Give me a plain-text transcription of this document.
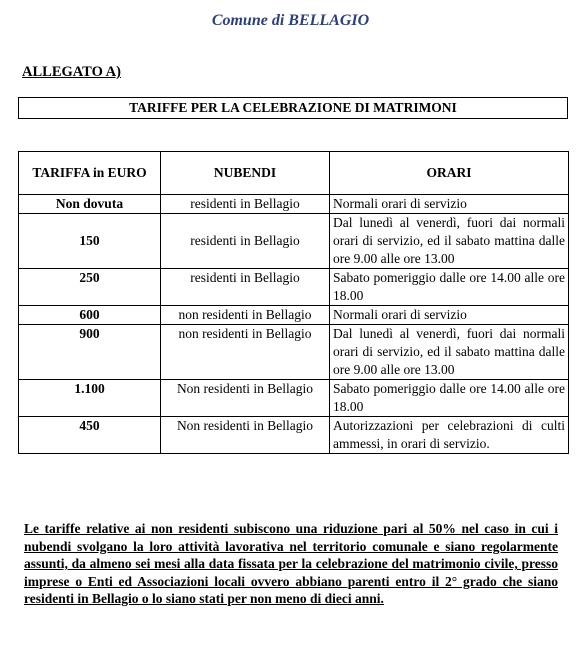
Comune di BELLAGIO
ALLEGATO A)
TARIFFE PER LA CELEBRAZIONE DI MATRIMONI
TARIFFA in EURO	NUBENDI	ORARI
Non dovuta	residenti in Bellagio	Normali orari di servizio
150	residenti in Bellagio	Dal lunedì al venerdì, fuori dai normali orari di servizio, ed il sabato mattina dalle ore 9.00 alle ore 13.00
250	residenti in Bellagio	Sabato pomeriggio dalle ore 14.00 alle ore 18.00
600	non residenti in Bellagio	Normali orari di servizio
900	non residenti in Bellagio	Dal lunedì al venerdì, fuori dai normali orari di servizio, ed il sabato mattina dalle ore 9.00 alle ore 13.00
1.100	Non residenti in Bellagio	Sabato pomeriggio dalle ore 14.00 alle ore 18.00
450	Non residenti in Bellagio	Autorizzazioni per celebrazioni di culti ammessi, in orari di servizio.
Le tariffe relative ai non residenti subiscono una riduzione pari al 50% nel caso in cui i nubendi svolgano la loro attività lavorativa nel territorio comunale e siano regolarmente assunti, da almeno sei mesi alla data fissata per la celebrazione del matrimonio civile, presso imprese o Enti ed Associazioni locali ovvero abbiano parenti entro il 2° grado che siano residenti in Bellagio o lo siano stati per non meno di dieci anni.
